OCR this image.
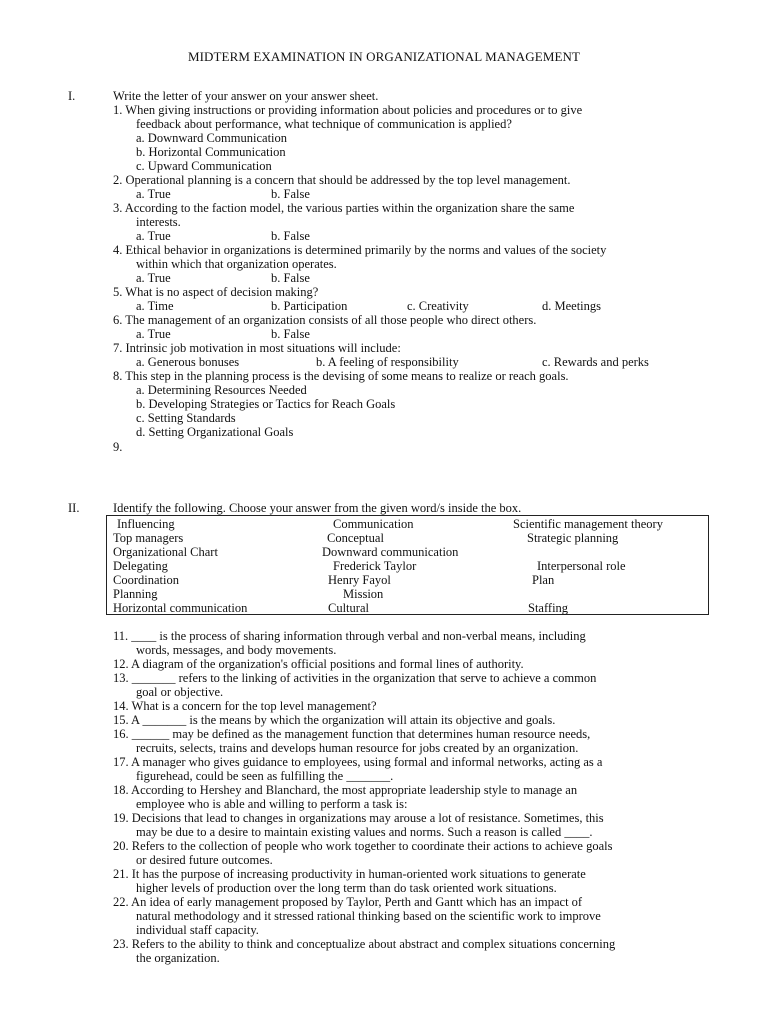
MIDTERM EXAMINATION IN ORGANIZATIONAL MANAGEMENT
I.	Write the letter of your answer on your answer sheet.
1. When giving instructions or providing information about policies and procedures or to give
feedback about performance, what technique of communication is applied?
a. Downward Communication
b. Horizontal Communication
c. Upward Communication
2. Operational planning is a concern that should be addressed by the top level management.
a. True	b. False
3. According to the faction model, the various parties within the organization share the same
interests.
a. True	b. False
4. Ethical behavior in organizations is determined primarily by the norms and values of the society
within which that organization operates.
a. True	b. False
5. What is no aspect of decision making?
a. Time	b. Participation	c. Creativity	d. Meetings
6. The management of an organization consists of all those people who direct others.
a. True	b. False
7. Intrinsic job motivation in most situations will include:
a. Generous bonuses	b. A feeling of responsibility	c. Rewards and perks
8. This step in the planning process is the devising of some means to realize or reach goals.
a. Determining Resources Needed
b. Developing Strategies or Tactics for Reach Goals
c. Setting Standards
d. Setting Organizational Goals
9.
II.	Identify the following. Choose your answer from the given word/s inside the box.
Influencing	Communication	Scientific management theory
Top managers	Conceptual	Strategic planning
Organizational Chart	Downward communication
Delegating	Frederick Taylor	Interpersonal role
Coordination	Henry Fayol	Plan
Planning	Mission
Horizontal communication	Cultural	Staffing
11. ____ is the process of sharing information through verbal and non-verbal means, including
words, messages, and body movements.
12. A diagram of the organization's official positions and formal lines of authority.
13. _______ refers to the linking of activities in the organization that serve to achieve a common
goal or objective.
14. What is a concern for the top level management?
15. A _______ is the means by which the organization will attain its objective and goals.
16. ______ may be defined as the management function that determines human resource needs,
recruits, selects, trains and develops human resource for jobs created by an organization.
17. A manager who gives guidance to employees, using formal and informal networks, acting as a
figurehead, could be seen as fulfilling the _______.
18. According to Hershey and Blanchard, the most appropriate leadership style to manage an
employee who is able and willing to perform a task is:
19. Decisions that lead to changes in organizations may arouse a lot of resistance. Sometimes, this
may be due to a desire to maintain existing values and norms. Such a reason is called ____.
20. Refers to the collection of people who work together to coordinate their actions to achieve goals
or desired future outcomes.
21. It has the purpose of increasing productivity in human-oriented work situations to generate
higher levels of production over the long term than do task oriented work situations.
22. An idea of early management proposed by Taylor, Perth and Gantt which has an impact of
natural methodology and it stressed rational thinking based on the scientific work to improve
individual staff capacity.
23. Refers to the ability to think and conceptualize about abstract and complex situations concerning
the organization.
